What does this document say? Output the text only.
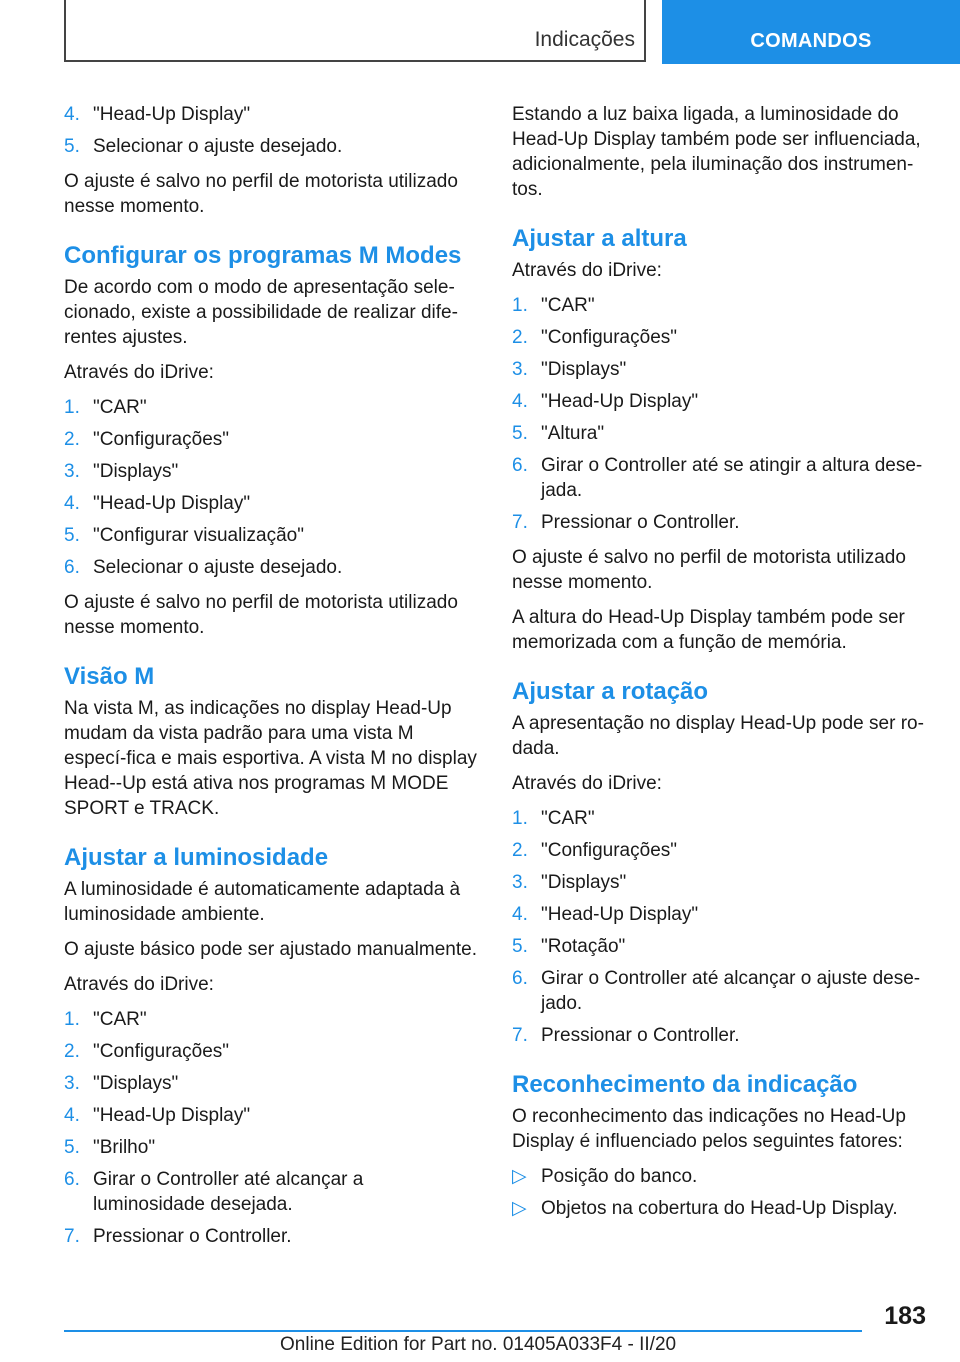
Indicações	COMANDOS
4. "Head-Up Display"
5. Selecionar o ajuste desejado.

O ajuste é salvo no perfil de motorista utilizado nesse momento.

Configurar os programas M Modes

De acordo com o modo de apresentação sele-cionado, existe a possibilidade de realizar dife-rentes ajustes.

Através do iDrive:

1. "CAR"
2. "Configurações"
3. "Displays"
4. "Head-Up Display"
5. "Configurar visualização"
6. Selecionar o ajuste desejado.

O ajuste é salvo no perfil de motorista utilizado nesse momento.

Visão M

Na vista M, as indicações no display Head-Up mudam da vista padrão para uma vista M especí-fica e mais esportiva. A vista M no display Head--Up está ativa nos programas M MODE SPORT e TRACK.

Ajustar a luminosidade

A luminosidade é automaticamente adaptada à luminosidade ambiente.

O ajuste básico pode ser ajustado manualmente.

Através do iDrive:

1. "CAR"
2. "Configurações"
3. "Displays"
4. "Head-Up Display"
5. "Brilho"
6. Girar o Controller até alcançar a luminosidade desejada.
7. Pressionar o Controller.

Estando a luz baixa ligada, a luminosidade do Head-Up Display também pode ser influenciada, adicionalmente, pela iluminação dos instrumen-tos.

Ajustar a altura

Através do iDrive:

1. "CAR"
2. "Configurações"
3. "Displays"
4. "Head-Up Display"
5. "Altura"
6. Girar o Controller até se atingir a altura dese-jada.
7. Pressionar o Controller.

O ajuste é salvo no perfil de motorista utilizado nesse momento.

A altura do Head-Up Display também pode ser memorizada com a função de memória.

Ajustar a rotação

A apresentação no display Head-Up pode ser ro-dada.

Através do iDrive:

1. "CAR"
2. "Configurações"
3. "Displays"
4. "Head-Up Display"
5. "Rotação"
6. Girar o Controller até alcançar o ajuste dese-jado.
7. Pressionar o Controller.
Reconhecimento da indicação

O reconhecimento das indicações no Head-Up Display é influenciado pelos seguintes fatores:

▷ Posição do banco.
▷ Objetos na cobertura do Head-Up Display.
183
Online Edition for Part no. 01405A033F4 - II/20
